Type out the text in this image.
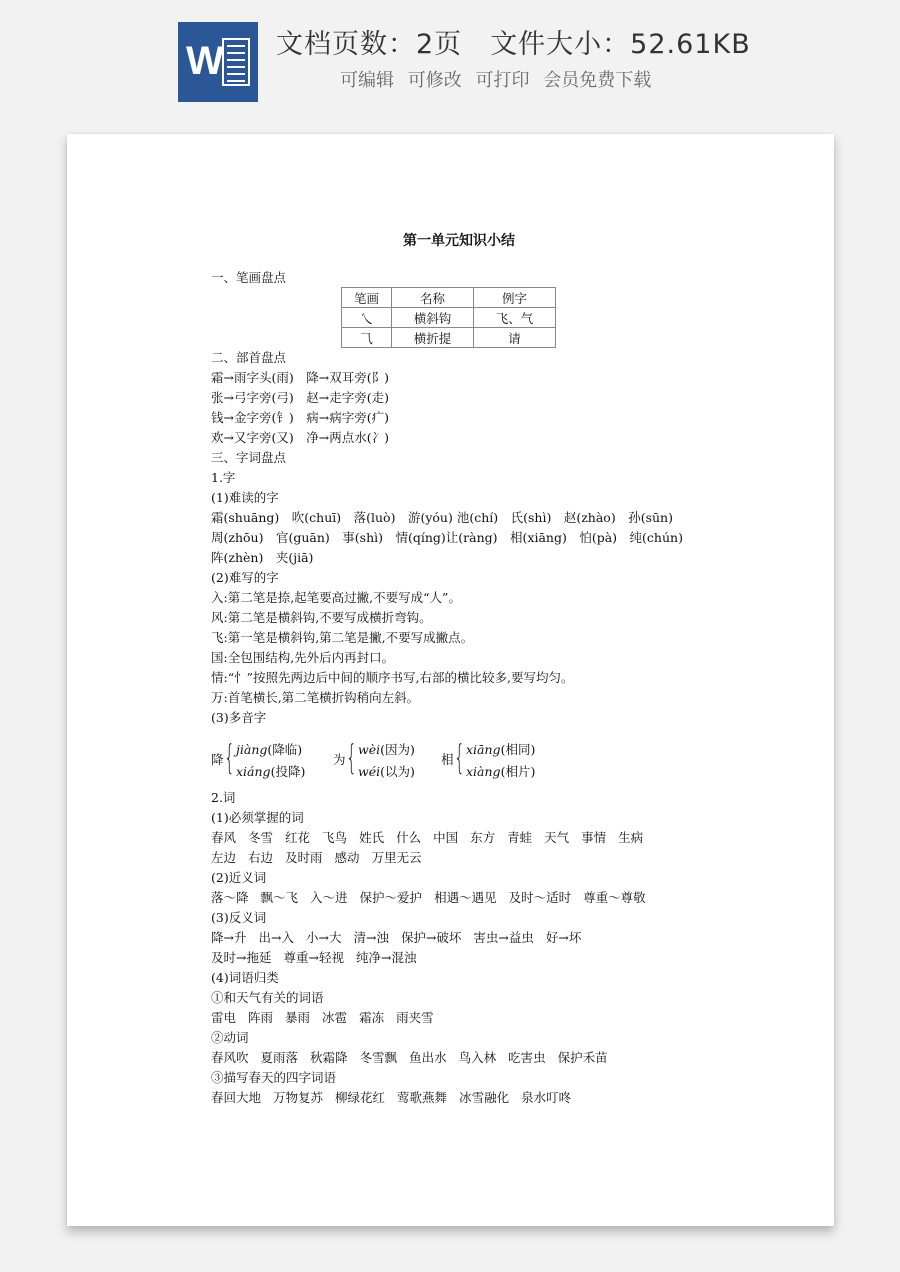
W 文档页数：2页 文件大小：52.61KB
可编辑 可修改 可打印 会员免费下载
第一单元知识小结
一、笔画盘点
笔画	名称	例字
乀	横斜钩	飞、气
⺄	横折提	请
二、部首盘点
霜→雨字头(雨)　降→双耳旁(阝)
张→弓字旁(弓)　赵→走字旁(走)
钱→金字旁(钅)　病→病字旁(疒)
欢→又字旁(又)　净→两点水(冫)
三、字词盘点
1.字
(1)难读的字
霜(shuāng)　吹(chuī)　落(luò)　游(yóu) 池(chí)　氏(shì)　赵(zhào)　孙(sūn)
周(zhōu)　官(guān)　事(shì)　情(qíng)让(ràng)　相(xiāng)　怕(pà)　纯(chún)
阵(zhèn)　夹(jiā)
(2)难写的字
入:第二笔是捺,起笔要高过撇,不要写成“人”。
风:第二笔是横斜钩,不要写成横折弯钩。
飞:第一笔是横斜钩,第二笔是撇,不要写成撇点。
国:全包围结构,先外后内再封口。
情:“忄”按照先两边后中间的顺序书写,右部的横比较多,要写均匀。
万:首笔横长,第二笔横折钩稍向左斜。
(3)多音字
降 { jiàng(降临)
xiáng(投降)
为 { wèi(因为)
wéi(以为)
相 { xiāng(相同)
xiàng(相片)
2.词
(1)必须掌握的词
春风 冬雪 红花 飞鸟 姓氏 什么 中国 东方 青蛙 天气 事情 生病
左边 右边 及时雨 感动 万里无云
(2)近义词
落～降 飘～飞 入～进 保护～爱护 相遇～遇见 及时～适时 尊重～尊敬
(3)反义词
降→升 出→入 小→大 清→浊 保护→破坏 害虫→益虫 好→坏
及时→拖延 尊重→轻视 纯净→混浊
(4)词语归类
①和天气有关的词语
雷电 阵雨 暴雨 冰雹 霜冻 雨夹雪
②动词
春风吹 夏雨落 秋霜降 冬雪飘 鱼出水 鸟入林 吃害虫 保护禾苗
③描写春天的四字词语
春回大地 万物复苏 柳绿花红 莺歌燕舞 冰雪融化 泉水叮咚
